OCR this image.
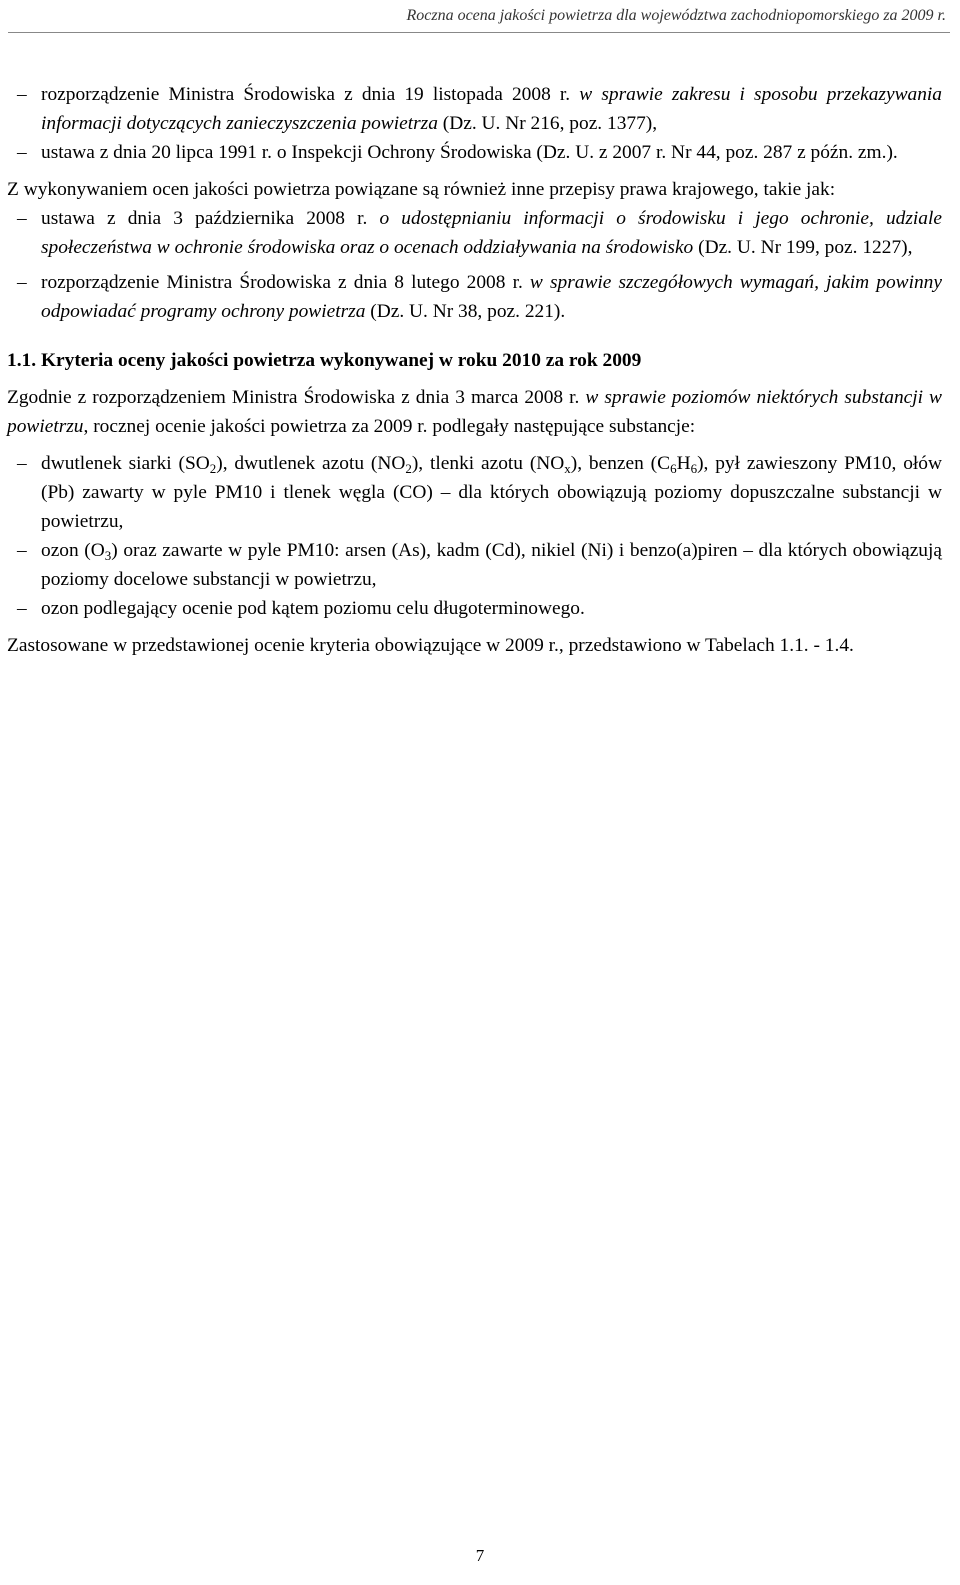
Roczna ocena jakości powietrza dla województwa zachodniopomorskiego za 2009 r.
– rozporządzenie Ministra Środowiska z dnia 19 listopada 2008 r. w sprawie zakresu i sposobu przekazywania informacji dotyczących zanieczyszczenia powietrza (Dz. U. Nr 216, poz. 1377),
– ustawa z dnia 20 lipca 1991 r. o Inspekcji Ochrony Środowiska (Dz. U. z 2007 r. Nr 44, poz. 287 z późn. zm.).

Z wykonywaniem ocen jakości powietrza powiązane są również inne przepisy prawa krajowego, takie jak:

– ustawa z dnia 3 października 2008 r. o udostępnianiu informacji o środowisku i jego ochronie, udziale społeczeństwa w ochronie środowiska oraz o ocenach oddziaływania na środowisko (Dz. U. Nr 199, poz. 1227),
– rozporządzenie Ministra Środowiska z dnia 8 lutego 2008 r. w sprawie szczegółowych wymagań, jakim powinny odpowiadać programy ochrony powietrza (Dz. U. Nr 38, poz. 221).
1.1. Kryteria oceny jakości powietrza wykonywanej w roku 2010 za rok 2009

Zgodnie z rozporządzeniem Ministra Środowiska z dnia 3 marca 2008 r. w sprawie poziomów niektórych substancji w powietrzu, rocznej ocenie jakości powietrza za 2009 r. podlegały następujące substancje:

– dwutlenek siarki $(SO_2)$, dwutlenek azotu $(NO_2)$, tlenki azotu $(NO_x)$, benzen $(C_6H_6)$, pył zawieszony PM10, ołów (Pb) zawarty w pyle PM10 i tlenek węgla (CO) – dla których obowiązują poziomy dopuszczalne substancji w powietrzu,
– ozon $(O_3)$ oraz zawarte w pyle PM10: arsen (As), kadm (Cd), nikiel (Ni) i benzo(a)piren – dla których obowiązują poziomy docelowe substancji w powietrzu,
– ozon podlegający ocenie pod kątem poziomu celu długoterminowego.

Zastosowane w przedstawionej ocenie kryteria obowiązujące w 2009 r., przedstawiono w Tabelach 1.1. - 1.4.

7
